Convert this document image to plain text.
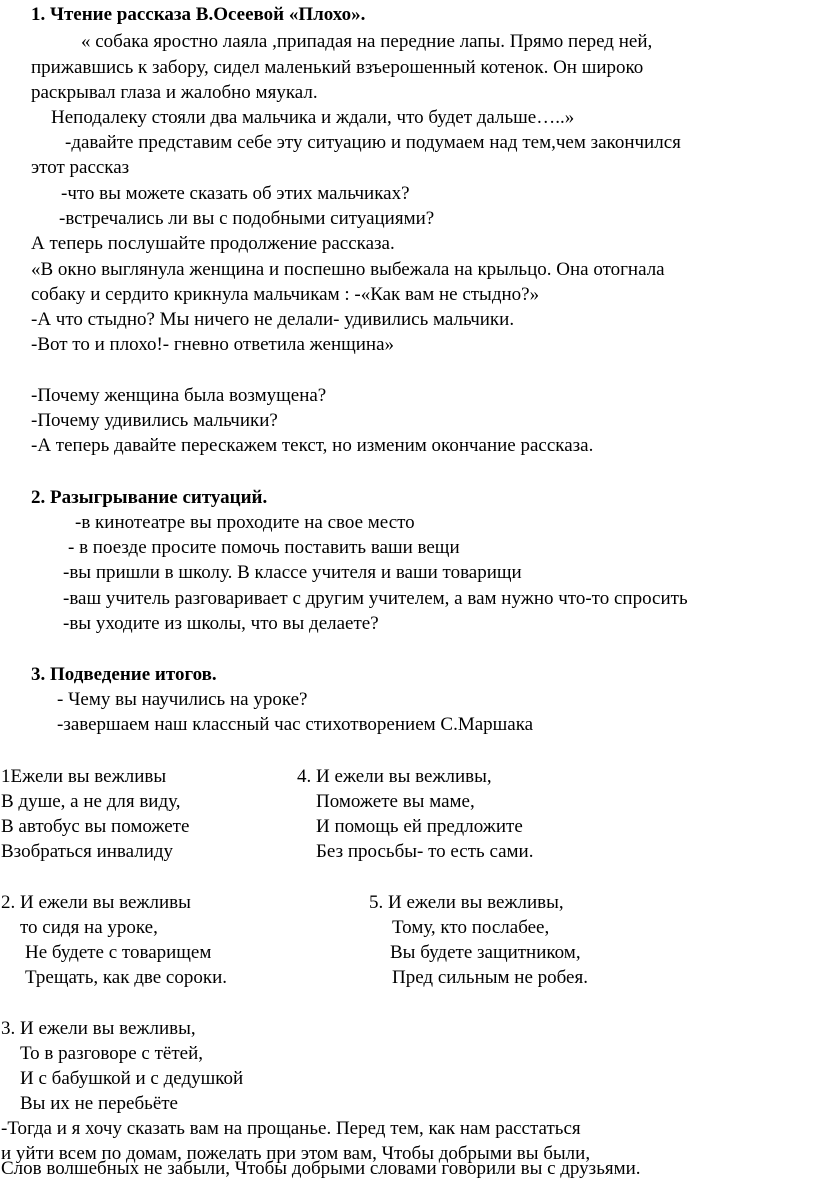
1. Чтение рассказа В.Осеевой «Плохо».

« собака яростно лаяла ,припадая на передние лапы. Прямо перед ней,

прижавшись к забору, сидел маленький взъерошенный котенок. Он широко

раскрывал глаза и жалобно мяукал.

Неподалеку стояли два мальчика и ждали, что будет дальше…..»

-давайте представим себе эту ситуацию и подумаем над тем,чем закончился

этот рассказ

-что вы можете сказать об этих мальчиках?

-встречались ли вы с подобными ситуациями?

А теперь послушайте продолжение рассказа.

«В окно выглянула женщина и поспешно выбежала на крыльцо. Она отогнала

собаку и сердито крикнула мальчикам : -«Как вам не стыдно?»

-А что стыдно? Мы ничего не делали- удивились мальчики.

-Вот то и плохо!- гневно ответила женщина»

-Почему женщина была возмущена?

-Почему удивились мальчики?

-А теперь давайте перескажем текст, но изменим окончание рассказа.

2. Разыгрывание ситуаций.

-в кинотеатре вы проходите на свое место

- в поезде просите помочь поставить ваши вещи

-вы пришли в школу. В классе учителя и ваши товарищи

-ваш учитель разговаривает с другим учителем, а вам нужно что-то спросить

-вы уходите из школы, что вы делаете?

3. Подведение итогов.

- Чему вы научились на уроке?

-завершаем наш классный час стихотворением С.Маршака

1Ежели вы вежливы

В душе, а не для виду,

В автобус вы поможете

Взобраться инвалиду

4. И ежели вы вежливы,

Поможете вы маме,

И помощь ей предложите

Без просьбы- то есть сами.

2. И ежели вы вежливы

то сидя на уроке,

Не будете с товарищем

Трещать, как две сороки.

5. И ежели вы вежливы,

Тому, кто послабее,

Вы будете защитником,

Пред сильным не робея.

3. И ежели вы вежливы,

То в разговоре с тётей,

И с бабушкой и с дедушкой

Вы их не перебьёте

-Тогда и я хочу сказать вам на прощанье. Перед тем, как нам расстаться

и уйти всем по домам, пожелать при этом вам, Чтобы добрыми вы были,

Слов волшебных не забыли, Чтобы добрыми словами говорили вы с друзьями.
